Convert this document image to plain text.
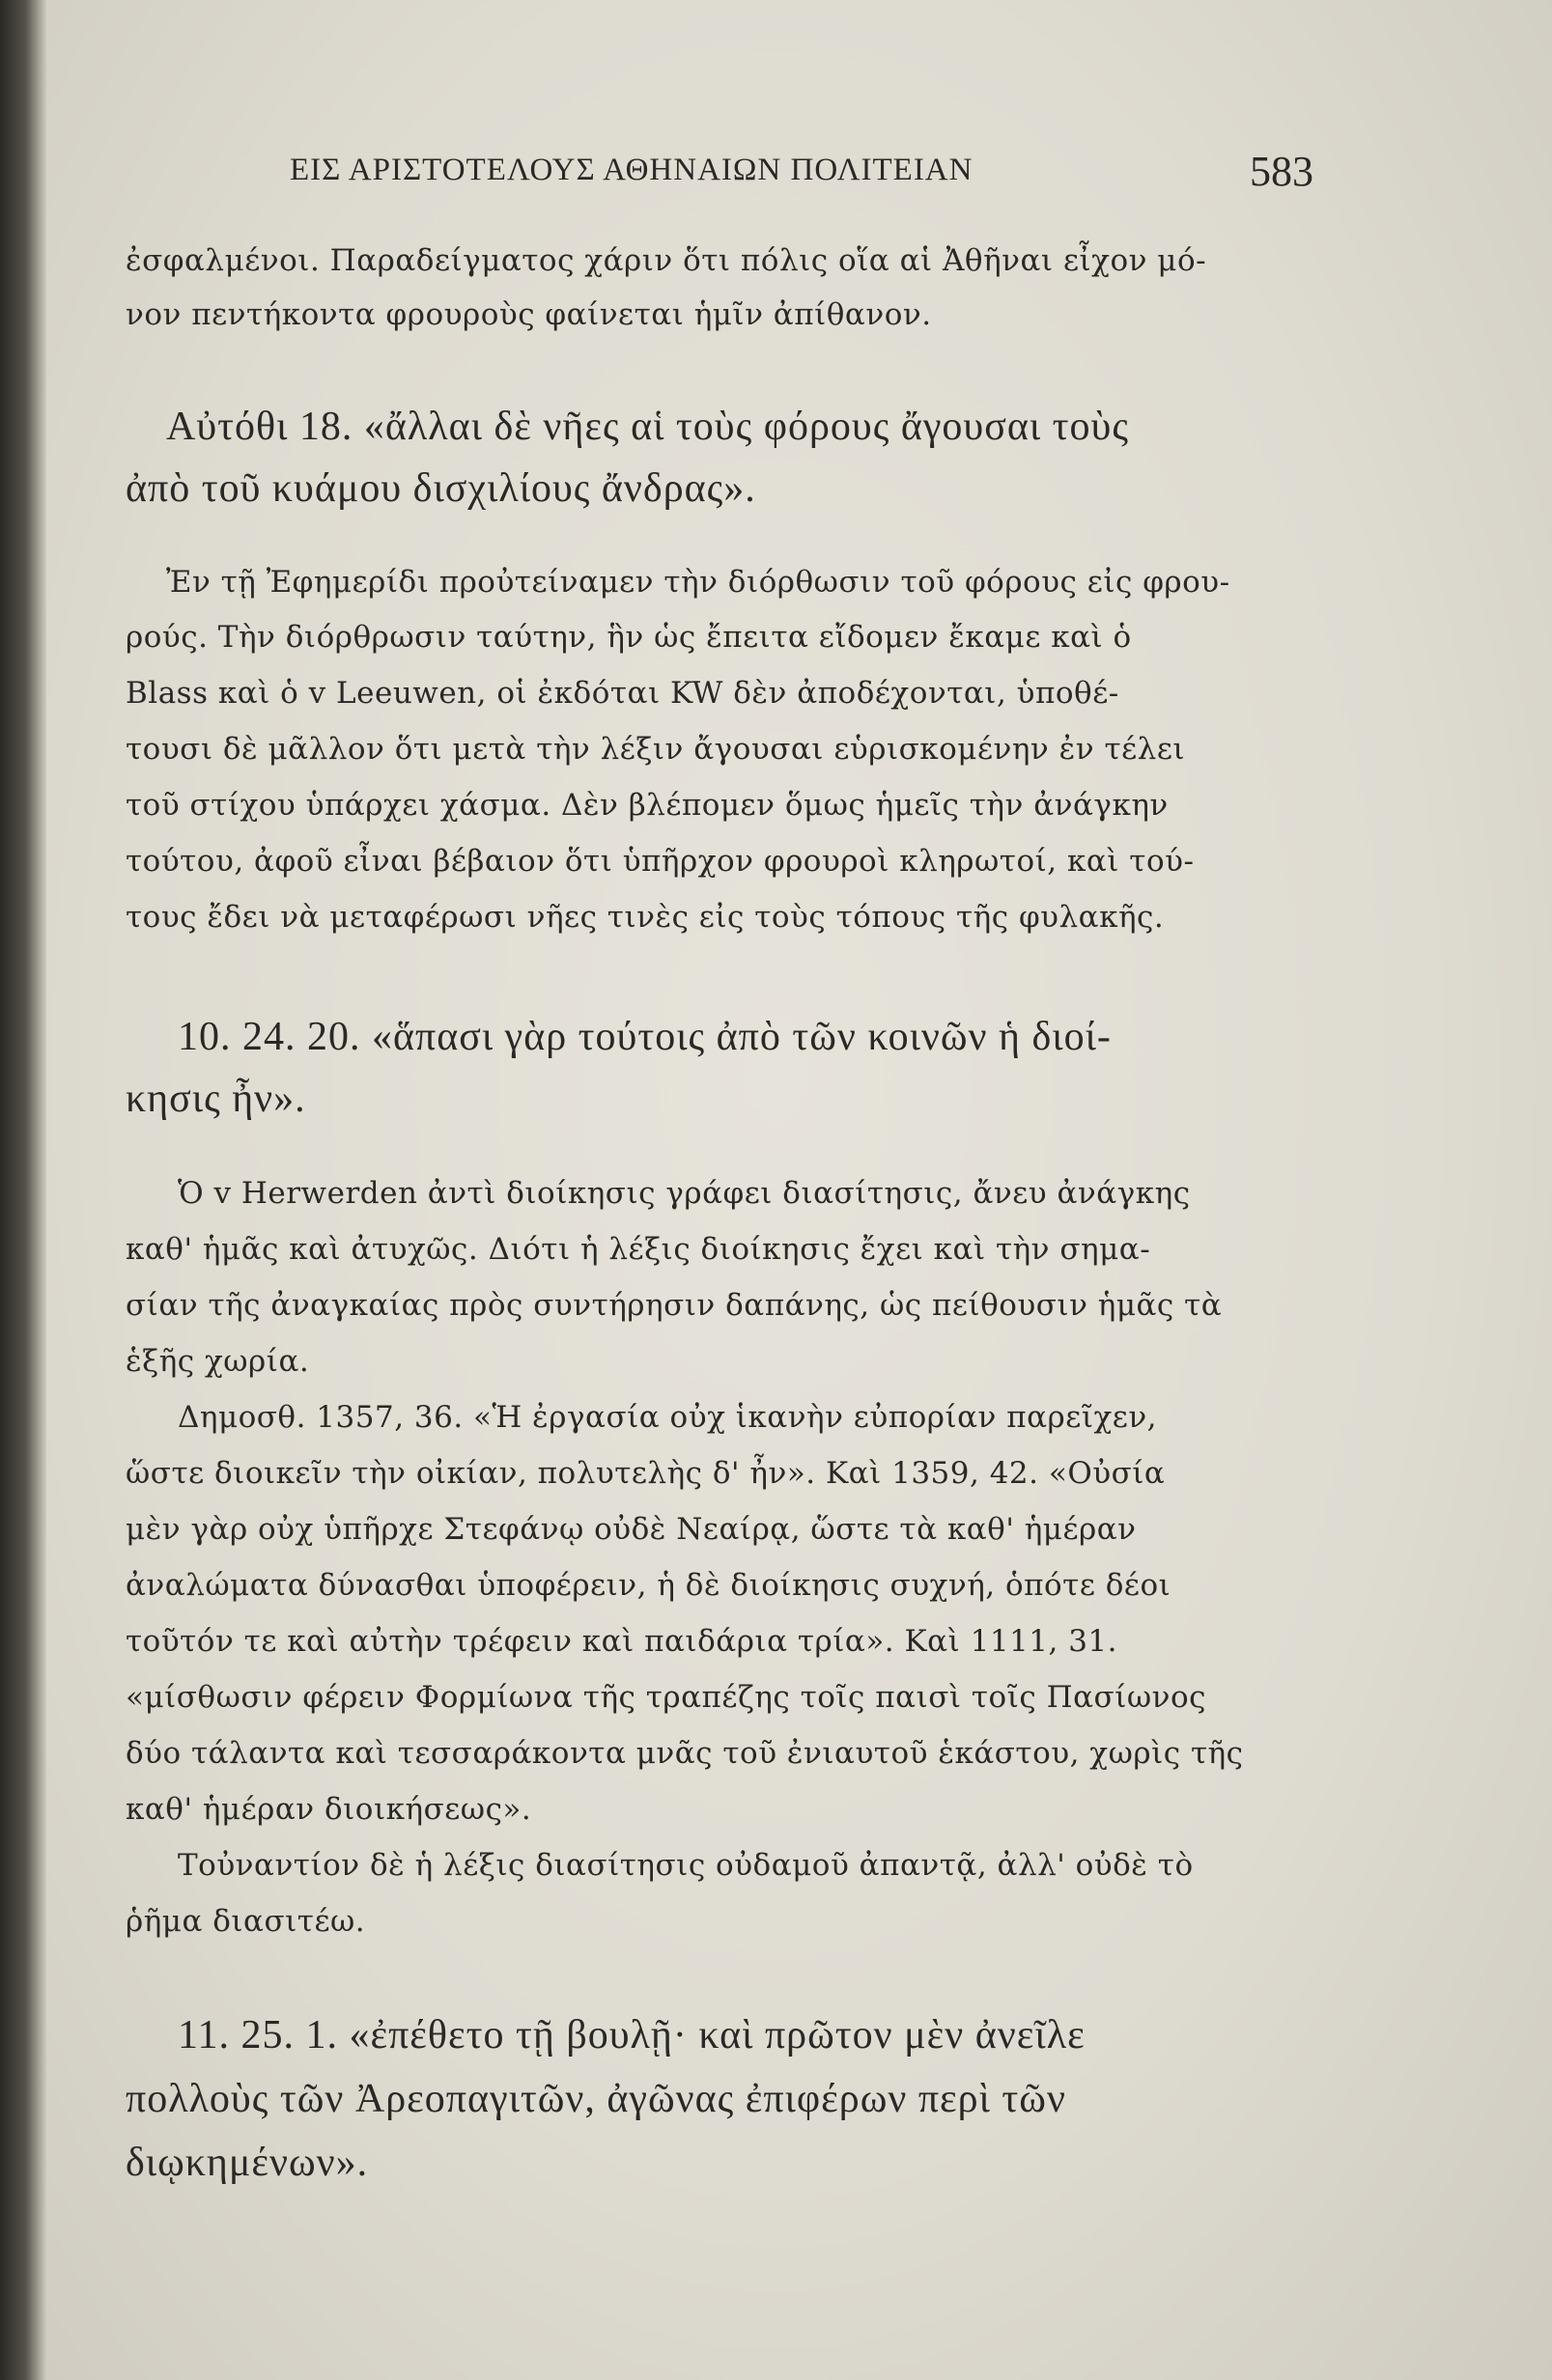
ΕΙΣ ΑΡΙΣΤΟΤΕΛΟΥΣ ΑΘΗΝΑΙΩΝ ΠΟΛΙΤΕΙΑΝ	583
ἐσφαλμένοι. Παραδείγματος χάριν ὅτι πόλις οἵα αἱ Ἀθῆναι εἶχον μό-
νον πεντήκοντα φρουροὺς φαίνεται ἡμῖν ἀπίθανον.
Αὐτόθι 18. «ἄλλαι δὲ νῆες αἱ τοὺς φόρους ἄγουσαι τοὺς
ἀπὸ τοῦ κυάμου δισχιλίους ἄνδρας».
Ἐν τῇ Ἐφημερίδι προὐτείναμεν τὴν διόρθωσιν τοῦ φόρους εἰς φρου-
ρούς. Τὴν διόρθρωσιν ταύτην, ἣν ὡς ἔπειτα εἴδομεν ἔκαμε καὶ ὁ
Blass καὶ ὁ v Leeuwen, οἱ ἐκδόται KW δὲν ἀποδέχονται, ὑποθέ-
τουσι δὲ μᾶλλον ὅτι μετὰ τὴν λέξιν ἄγουσαι εὑρισκομένην ἐν τέλει
τοῦ στίχου ὑπάρχει χάσμα. Δὲν βλέπομεν ὅμως ἡμεῖς τὴν ἀνάγκην
τούτου, ἀφοῦ εἶναι βέβαιον ὅτι ὑπῆρχον φρουροὶ κληρωτοί, καὶ τού-
τους ἔδει νὰ μεταφέρωσι νῆες τινὲς εἰς τοὺς τόπους τῆς φυλακῆς.
10. 24. 20. «ἅπασι γὰρ τούτοις ἀπὸ τῶν κοινῶν ἡ διοί-
κησις ἦν».
Ὁ v Herwerden ἀντὶ διοίκησις γράφει διασίτησις, ἄνευ ἀνάγκης
καθ' ἡμᾶς καὶ ἀτυχῶς. Διότι ἡ λέξις διοίκησις ἔχει καὶ τὴν σημα-
σίαν τῆς ἀναγκαίας πρὸς συντήρησιν δαπάνης, ὡς πείθουσιν ἡμᾶς τὰ
ἑξῆς χωρία.
Δημοσθ. 1357, 36. «Ἡ ἐργασία οὐχ ἱκανὴν εὐπορίαν παρεῖχεν,
ὥστε διοικεῖν τὴν οἰκίαν, πολυτελὴς δ' ἦν». Καὶ 1359, 42. «Οὐσία
μὲν γὰρ οὐχ ὑπῆρχε Στεφάνῳ οὐδὲ Νεαίρᾳ, ὥστε τὰ καθ' ἡμέραν
ἀναλώματα δύνασθαι ὑποφέρειν, ἡ δὲ διοίκησις συχνή, ὁπότε δέοι
τοῦτόν τε καὶ αὐτὴν τρέφειν καὶ παιδάρια τρία». Καὶ 1111, 31.
«μίσθωσιν φέρειν Φορμίωνα τῆς τραπέζης τοῖς παισὶ τοῖς Πασίωνος
δύο τάλαντα καὶ τεσσαράκοντα μνᾶς τοῦ ἐνιαυτοῦ ἑκάστου, χωρὶς τῆς
καθ' ἡμέραν διοικήσεως».
Τοὐναντίον δὲ ἡ λέξις διασίτησις οὐδαμοῦ ἀπαντᾷ, ἀλλ' οὐδὲ τὸ
ῥῆμα διασιτέω.
11. 25. 1. «ἐπέθετο τῇ βουλῇ· καὶ πρῶτον μὲν ἀνεῖλε
πολλοὺς τῶν Ἀρεοπαγιτῶν, ἀγῶνας ἐπιφέρων περὶ τῶν
διῳκημένων».
